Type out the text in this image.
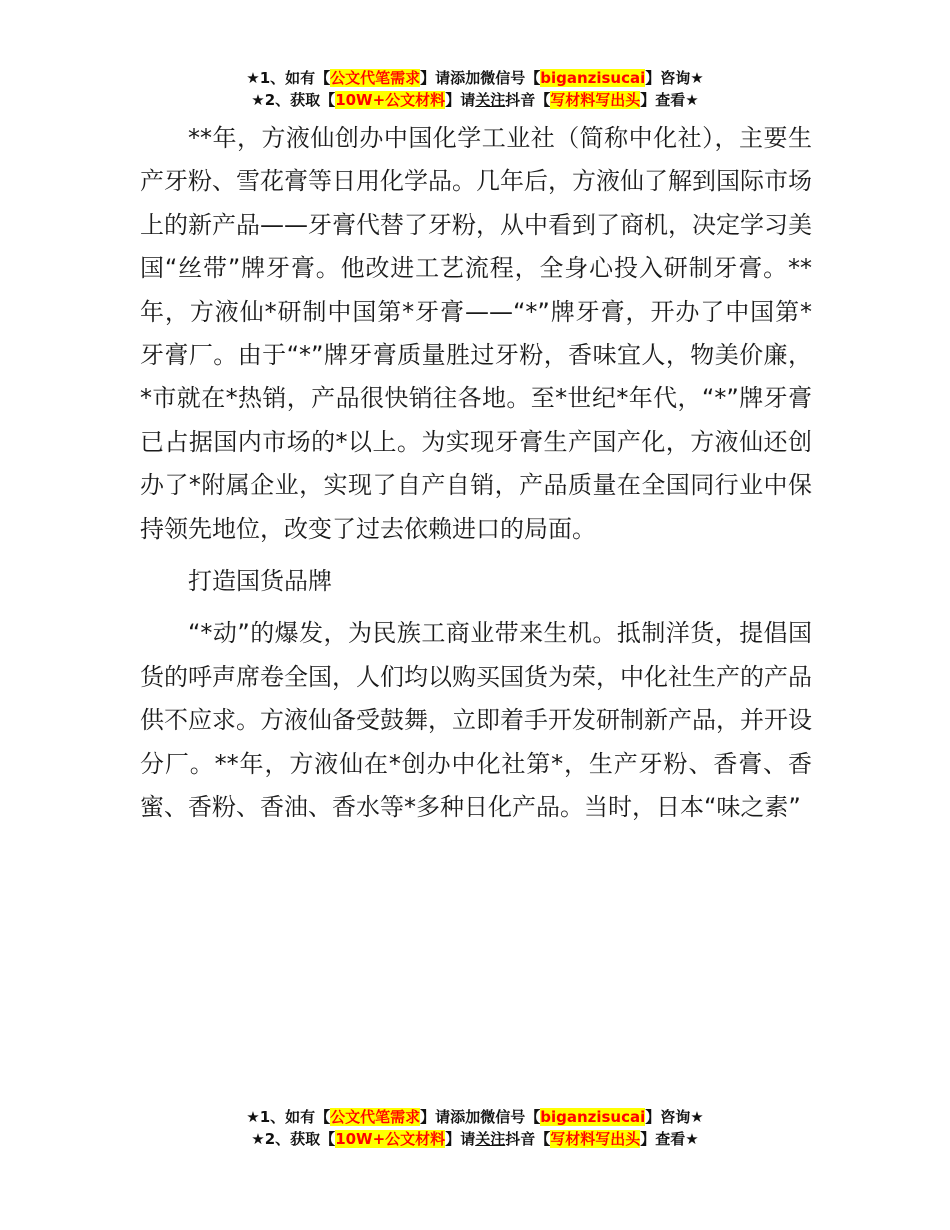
★1、如有【公文代笔需求】请添加微信号【biganzisucai】咨询★
★2、获取【10W+公文材料】请关注抖音【写材料写出头】查看★

**年，方液仙创办中国化学工业社（简称中化社），主要生产牙粉、雪花膏等日用化学品。几年后，方液仙了解到国际市场上的新产品——牙膏代替了牙粉，从中看到了商机，决定学习美国“丝带”牌牙膏。他改进工艺流程，全身心投入研制牙膏。**年，方液仙*研制中国第*牙膏——“*”牌牙膏，开办了中国第*牙膏厂。由于“*”牌牙膏质量胜过牙粉，香味宜人，物美价廉，*市就在*热销，产品很快销往各地。至*世纪*年代，“*”牌牙膏已占据国内市场的*以上。为实现牙膏生产国产化，方液仙还创办了*附属企业，实现了自产自销，产品质量在全国同行业中保持领先地位，改变了过去依赖进口的局面。

打造国货品牌

“*动”的爆发，为民族工商业带来生机。抵制洋货，提倡国货的呼声席卷全国，人们均以购买国货为荣，中化社生产的产品供不应求。方液仙备受鼓舞，立即着手开发研制新产品，并开设分厂。**年，方液仙在*创办中化社第*，生产牙粉、香膏、香蜜、香粉、香油、香水等*多种日化产品。当时，日本“味之素”

★1、如有【公文代笔需求】请添加微信号【biganzisucai】咨询★
★2、获取【10W+公文材料】请关注抖音【写材料写出头】查看★
